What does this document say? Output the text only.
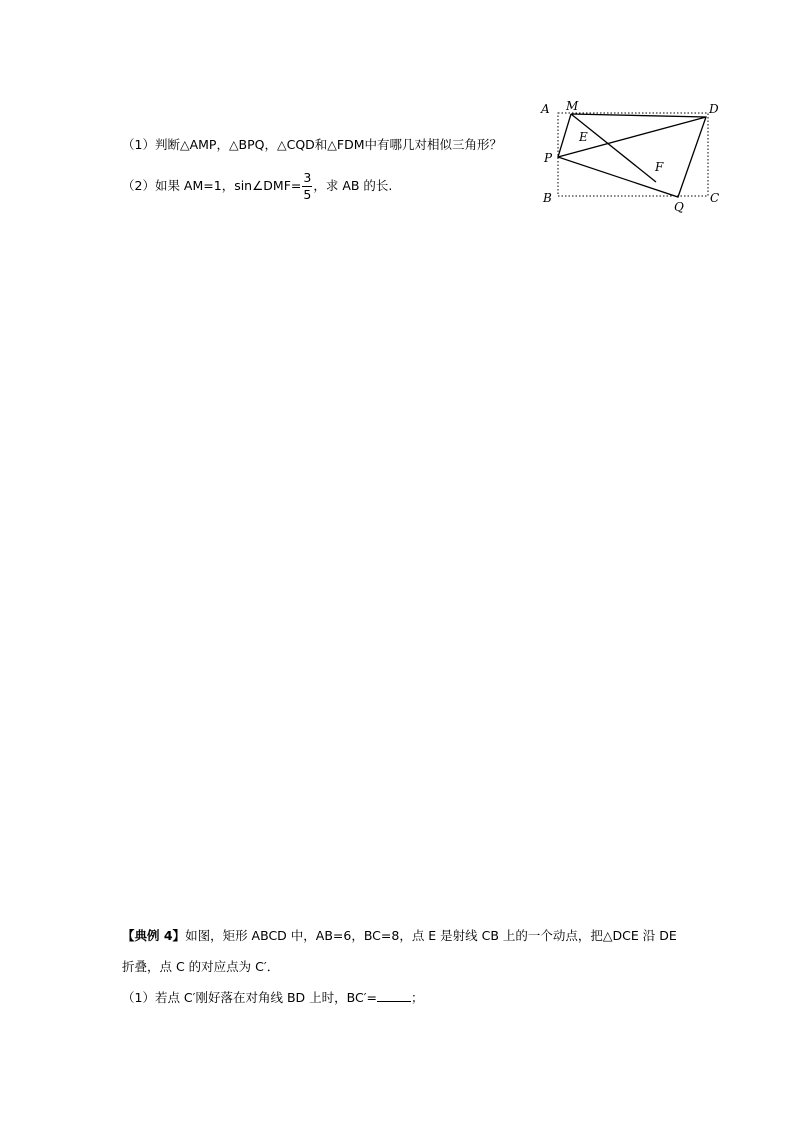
（1）判断△AMP，△BPQ，△CQD和△FDM中有哪几对相似三角形？
（2）如果 AM=1，sin∠DMF= $\frac{3}{5}$ ，求 AB 的长.
A M	D
E
P
F
B
Q
C
【典例 4】如图，矩形 ABCD 中，AB=6，BC=8，点 E 是射线 CB 上的一个动点，把△DCE 沿 DE
折叠，点 C 的对应点为 C′．
（1）若点 C′刚好落在对角线 BD 上时，BC′=	；
